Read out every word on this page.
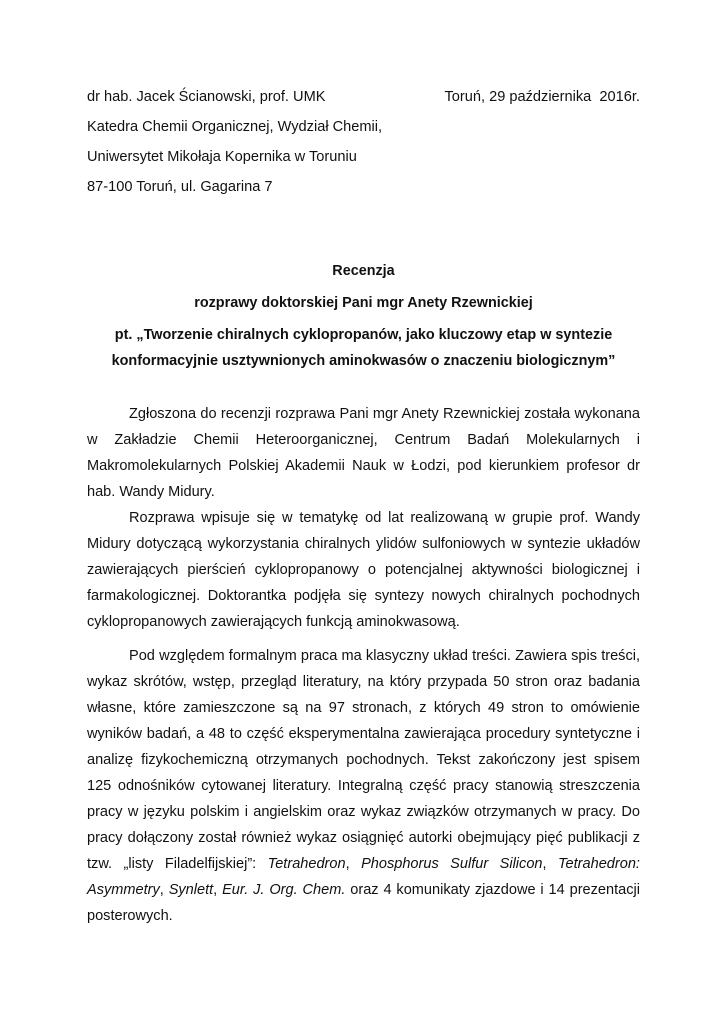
dr hab. Jacek Ścianowski, prof. UMK	Toruń, 29 października  2016r.
Katedra Chemii Organicznej, Wydział Chemii,
Uniwersytet Mikołaja Kopernika w Toruniu
87-100 Toruń, ul. Gagarina 7
Recenzja
rozprawy doktorskiej Pani mgr Anety Rzewnickiej
pt. „Tworzenie chiralnych cyklopropanów, jako kluczowy etap w syntezie
konformacyjnie usztywnionych aminokwasów o znaczeniu biologicznym”

Zgłoszona do recenzji rozprawa Pani mgr Anety Rzewnickiej została wykonana w Zakładzie Chemii Heteroorganicznej, Centrum Badań Molekularnych i Makromolekularnych Polskiej Akademii Nauk w Łodzi, pod kierunkiem profesor dr hab. Wandy Midury.

Rozprawa wpisuje się w tematykę od lat realizowaną w grupie prof. Wandy Midury dotyczącą wykorzystania chiralnych ylidów sulfoniowych w syntezie układów zawierających pierścień cyklopropanowy o potencjalnej aktywności biologicznej i farmakologicznej. Doktorantka podjęła się syntezy nowych chiralnych pochodnych cyklopropanowych zawierających funkcją aminokwasową.

Pod względem formalnym praca ma klasyczny układ treści. Zawiera spis treści, wykaz skrótów, wstęp, przegląd literatury, na który przypada 50 stron oraz badania własne, które zamieszczone są na 97 stronach, z których 49 stron to omówienie wyników badań, a 48 to część eksperymentalna zawierająca procedury syntetyczne i analizę fizykochemiczną otrzymanych pochodnych. Tekst zakończony jest spisem 125 odnośników cytowanej literatury. Integralną część pracy stanowią streszczenia pracy w języku polskim i angielskim oraz wykaz związków otrzymanych w pracy. Do pracy dołączony został również wykaz osiągnięć autorki obejmujący pięć publikacji z tzw. „listy Filadelfijskiej”: Tetrahedron, Phosphorus Sulfur Silicon, Tetrahedron: Asymmetry, Synlett, Eur. J. Org. Chem. oraz 4 komunikaty zjazdowe i 14 prezentacji posterowych.
